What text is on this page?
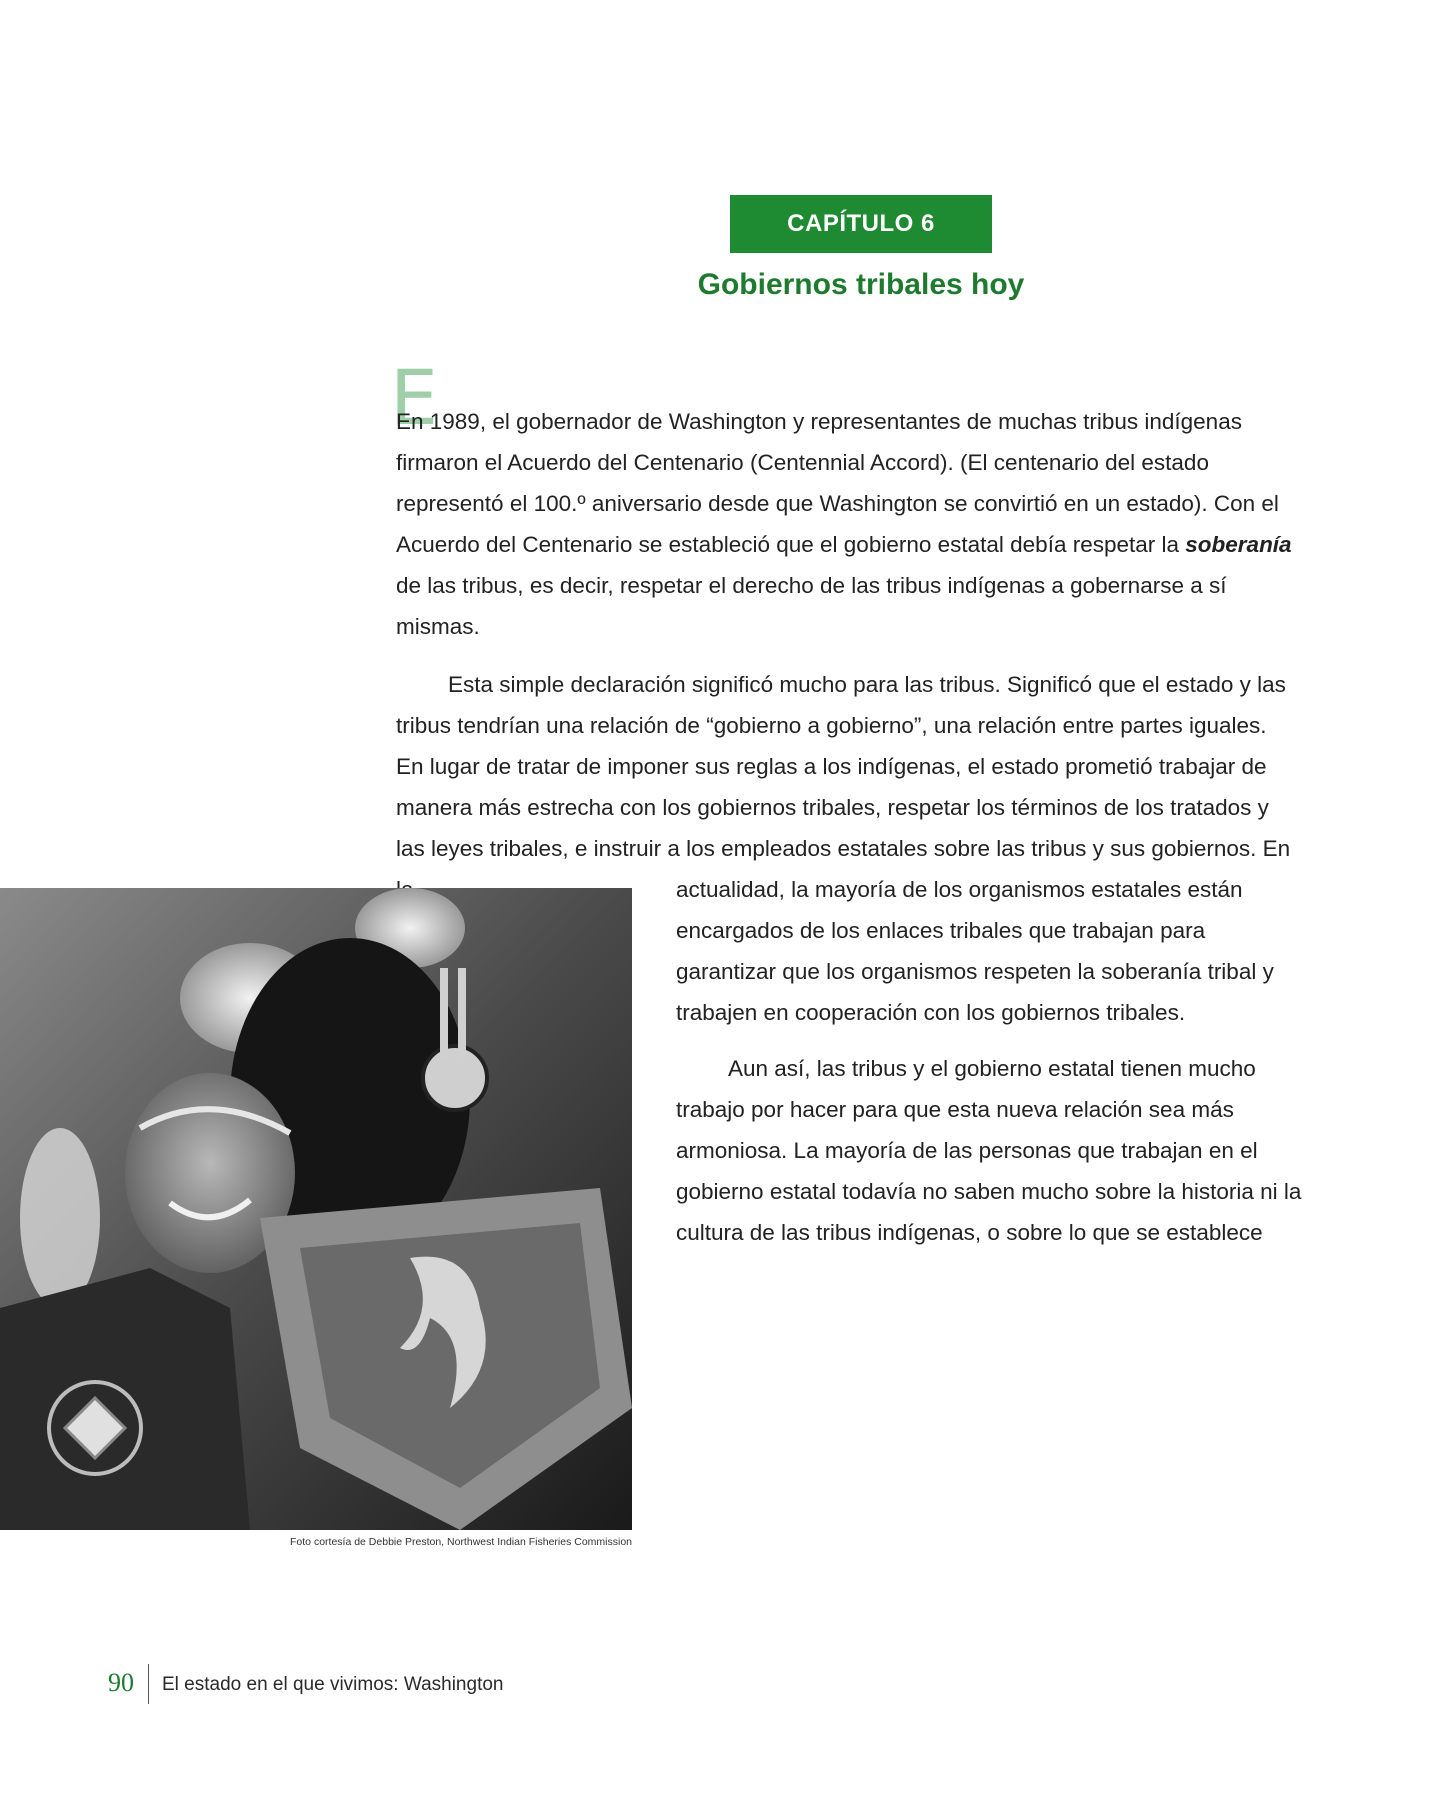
CAPÍTULO 6
Gobiernos tribales hoy
E

En 1989, el gobernador de Washington y representantes de muchas tribus indígenas firmaron el Acuerdo del Centenario (Centennial Accord). (El centenario del estado representó el 100.º aniversario desde que Washington se convirtió en un estado). Con el Acuerdo del Centenario se estableció que el gobierno estatal debía respetar la soberanía de las tribus, es decir, respetar el derecho de las tribus indígenas a gobernarse a sí mismas.

Esta simple declaración significó mucho para las tribus. Significó que el estado y las tribus tendrían una relación de “gobierno a gobierno”, una relación entre partes iguales. En lugar de tratar de imponer sus reglas a los indígenas, el estado prometió trabajar de manera más estrecha con los gobiernos tribales, respetar los términos de los tratados y las leyes tribales, e instruir a los empleados estatales sobre las tribus y sus gobiernos. En

actualidad, la mayoría de los organismos estatales están encargados de los enlaces tribales que trabajan para garantizar que los organismos respeten la soberanía tribal y trabajen en cooperación con los gobiernos tribales.

Aun así, las tribus y el gobierno estatal tienen mucho trabajo por hacer para que esta nueva relación sea más armoniosa. La mayoría de las personas que trabajan en el gobierno estatal todavía no saben mucho sobre la historia ni la cultura de las tribus indígenas, o sobre lo que se establece

Foto cortesía de Debbie Preston, Northwest Indian Fisheries Commission
90 El estado en el que vivimos: Washington
